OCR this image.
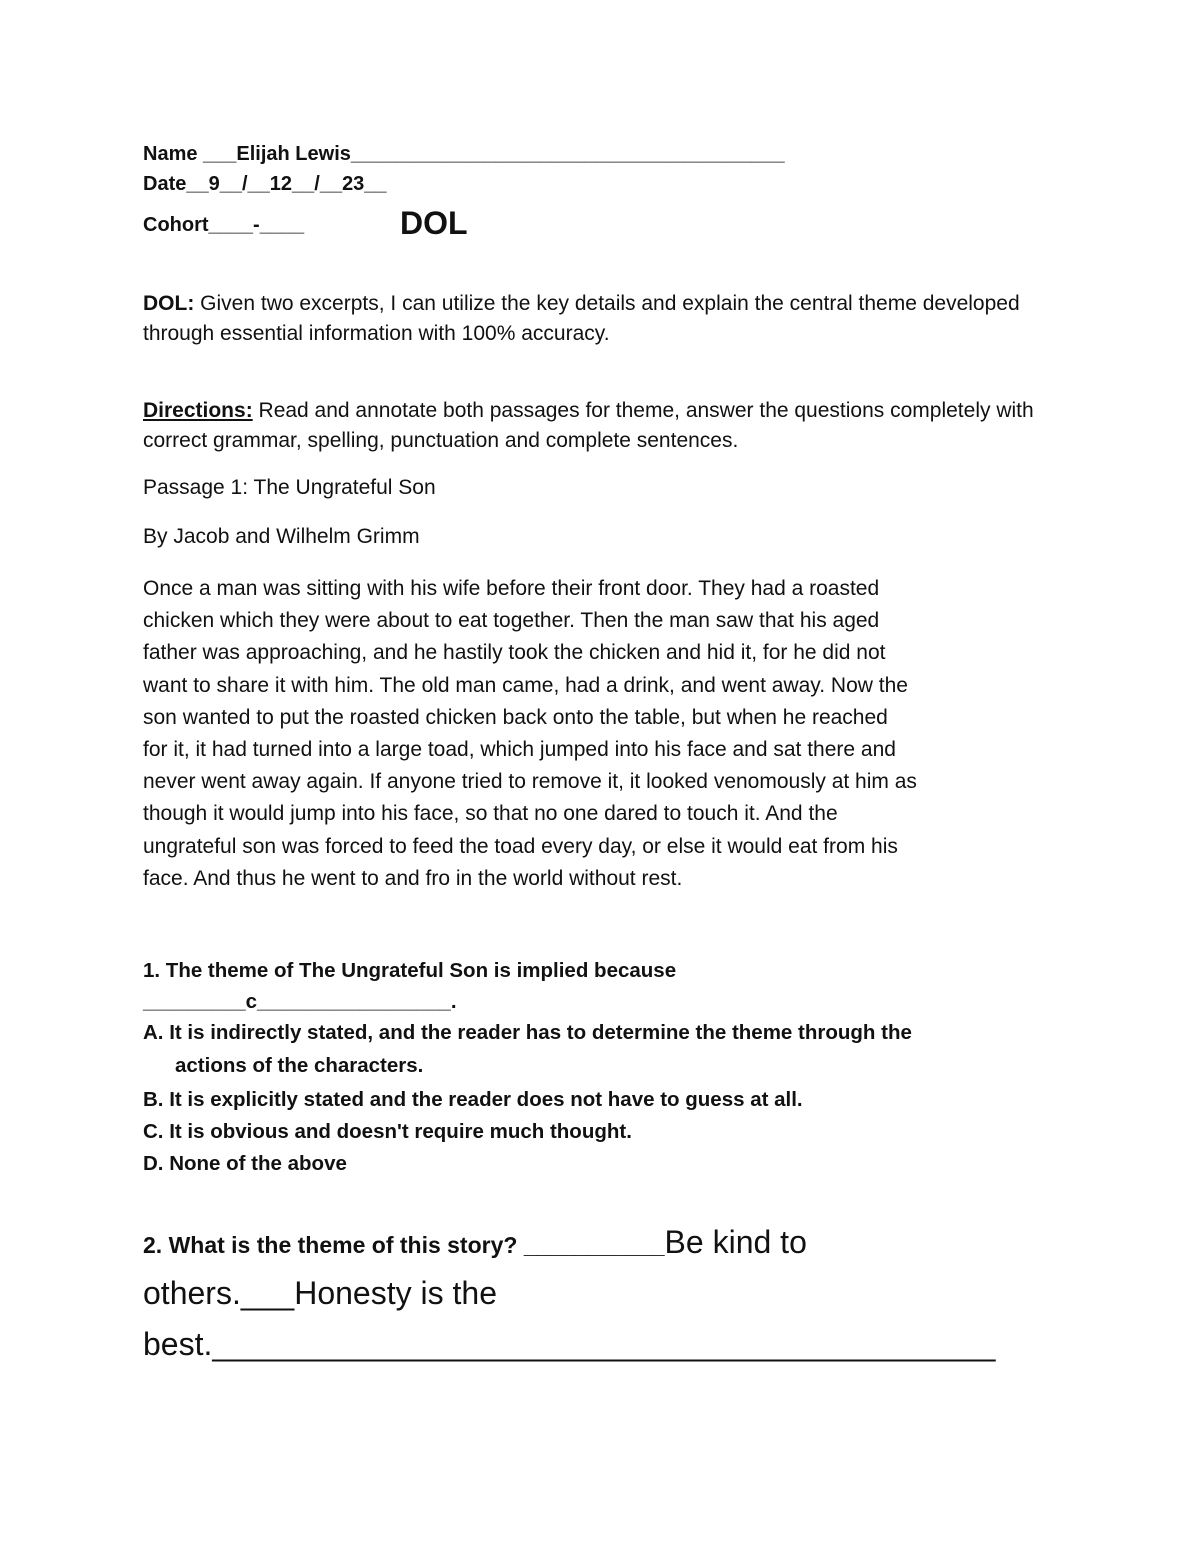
Name ___Elijah Lewis_______________________________________

Date__9__/__12__/__23__

Cohort____-____	DOL

DOL: Given two excerpts, I can utilize the key details and explain the central theme developed through essential information with 100% accuracy.

Directions: Read and annotate both passages for theme, answer the questions completely with correct grammar, spelling, punctuation and complete sentences.

Passage 1: The Ungrateful Son

By Jacob and Wilhelm Grimm

Once a man was sitting with his wife before their front door. They had a roasted
chicken which they were about to eat together. Then the man saw that his aged
father was approaching, and he hastily took the chicken and hid it, for he did not
want to share it with him. The old man came, had a drink, and went away. Now the
son wanted to put the roasted chicken back onto the table, but when he reached
for it, it had turned into a large toad, which jumped into his face and sat there and
never went away again. If anyone tried to remove it, it looked venomously at him as
though it would jump into his face, so that no one dared to touch it. And the
ungrateful son was forced to feed the toad every day, or else it would eat from his
face. And thus he went to and fro in the world without rest.

1. The theme of The Ungrateful Son is implied because

_________c_________________.

A. It is indirectly stated, and the reader has to determine the theme through the

actions of the characters.

B. It is explicitly stated and the reader does not have to guess at all.

C. It is obvious and doesn't require much thought.

D. None of the above

2. What is the theme of this story? ___________Be kind to others.___Honesty is the best.____________________________________________
